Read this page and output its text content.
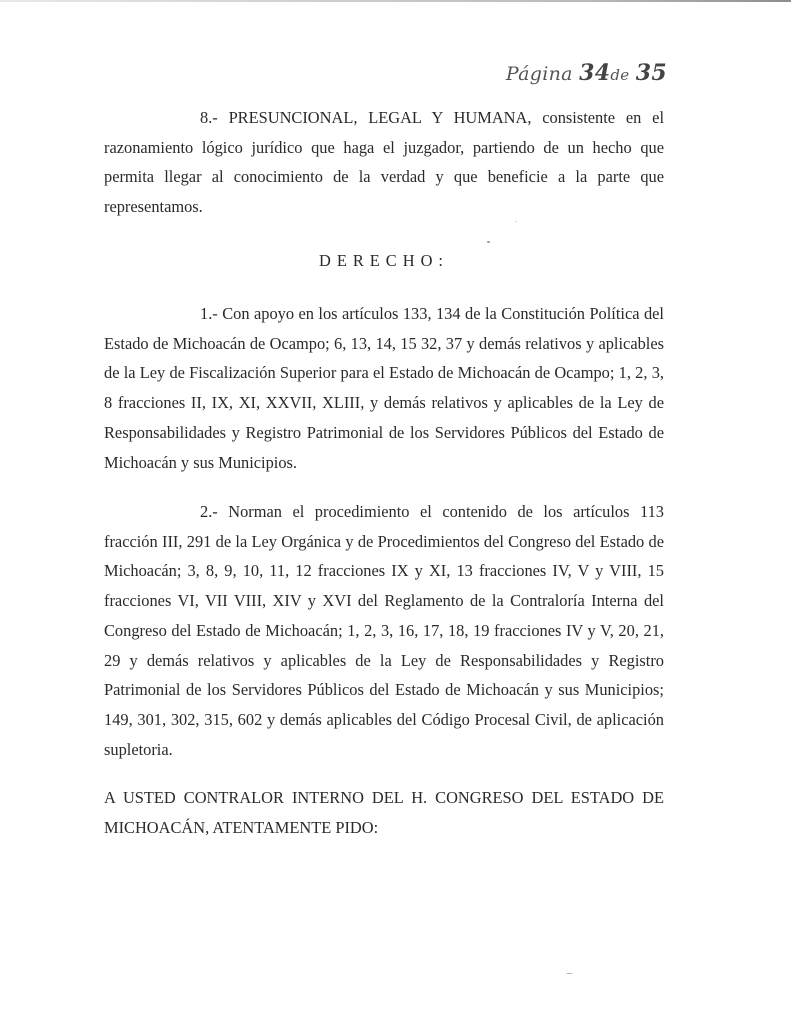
Página 34de 35

8.- PRESUNCIONAL, LEGAL Y HUMANA, consistente en el razonamiento lógico jurídico que haga el juzgador, partiendo de un hecho que permita llegar al conocimiento de la verdad y que beneficie a la parte que representamos.

DERECHO:

1.- Con apoyo en los artículos 133, 134 de la Constitución Política del Estado de Michoacán de Ocampo; 6, 13, 14, 15 32, 37 y demás relativos y aplicables de la Ley de Fiscalización Superior para el Estado de Michoacán de Ocampo; 1, 2, 3, 8 fracciones II, IX, XI, XXVII, XLIII, y demás relativos y aplicables de la Ley de Responsabilidades y Registro Patrimonial de los Servidores Públicos del Estado de Michoacán y sus Municipios.

2.- Norman el procedimiento el contenido de los artículos 113 fracción III, 291 de la Ley Orgánica y de Procedimientos del Congreso del Estado de Michoacán; 3, 8, 9, 10, 11, 12 fracciones IX y XI, 13 fracciones IV, V y VIII, 15 fracciones VI, VII VIII, XIV y XVI del Reglamento de la Contraloría Interna del Congreso del Estado de Michoacán; 1, 2, 3, 16, 17, 18, 19 fracciones IV y V, 20, 21, 29 y demás relativos y aplicables de la Ley de Responsabilidades y Registro Patrimonial de los Servidores Públicos del Estado de Michoacán y sus Municipios; 149, 301, 302, 315, 602 y demás aplicables del Código Procesal Civil, de aplicación supletoria.

A USTED CONTRALOR INTERNO DEL H. CONGRESO DEL ESTADO DE MICHOACÁN, ATENTAMENTE PIDO:
